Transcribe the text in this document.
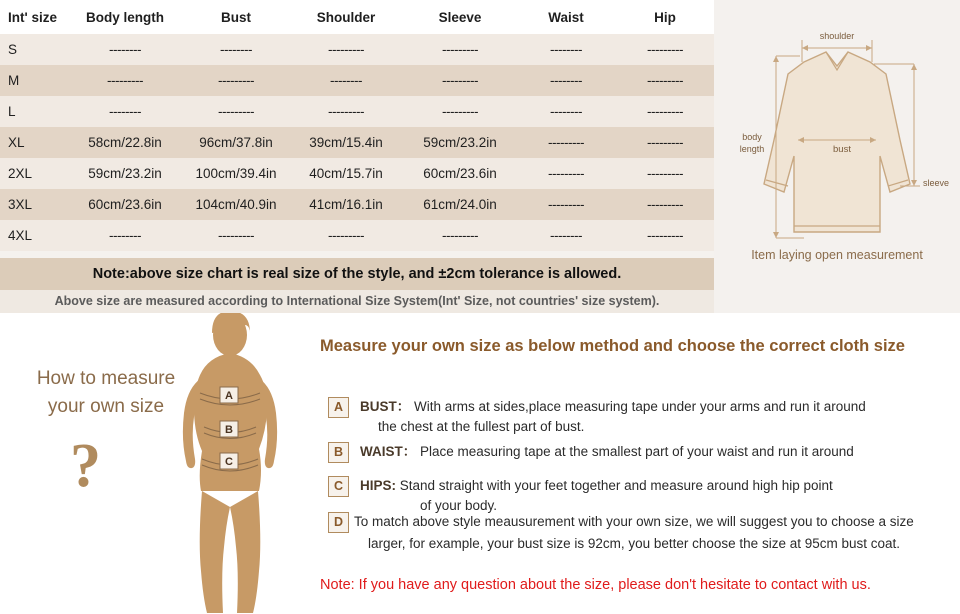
Int' size	Body length	Bust	Shoulder	Sleeve	Waist	Hip
S	--------	--------	---------	---------	--------	---------
M	---------	---------	--------	---------	--------	---------
L	--------	---------	---------	---------	--------	---------
XL	58cm/22.8in	96cm/37.8in	39cm/15.4in	59cm/23.2in	---------	---------
2XL	59cm/23.2in	100cm/39.4in	40cm/15.7in	60cm/23.6in	---------	---------
3XL	60cm/23.6in	104cm/40.9in	41cm/16.1in	61cm/24.0in	---------	---------
4XL	--------	---------	---------	---------	--------	---------
Note:above size chart is real size of the style, and ±2cm tolerance is allowed.
Above size are measured according to International Size System(Int' Size, not countries' size system).
shoulder
body
length	bust
sleeve
Item laying open measurement
How to measure
your own size
?
A
B
C
Measure your own size as below method and choose the correct cloth size
A	BUST： With arms at sides,place measuring tape under your arms and run it around
the chest at the fullest part of bust.
B	WAIST： Place measuring tape at the smallest part of your waist and run it around
C	HIPS: Stand straight with your feet together and measure around high hip point
of your body.
D To match above style meausurement with your own size, we will suggest you to choose a size
larger, for example, your bust size is 92cm, you better choose the size at 95cm bust coat.
Note: If you have any question about the size, please don't hesitate to contact with us.
